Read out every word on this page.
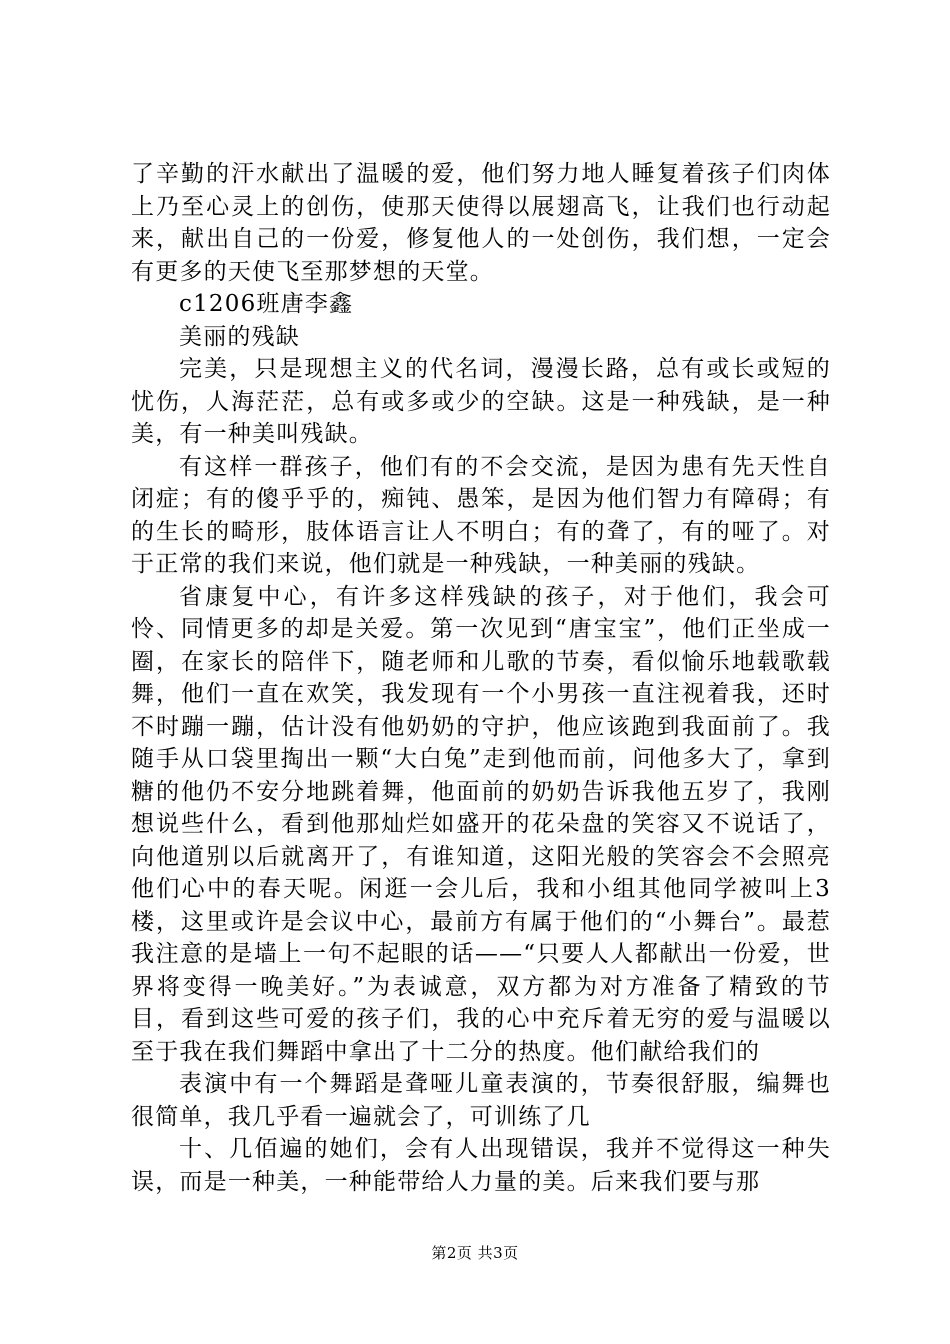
了辛勤的汗水献出了温暖的爱，他们努力地人睡复着孩子们肉体上乃至心灵上的创伤，使那天使得以展翅高飞，让我们也行动起来，献出自己的一份爱，修复他人的一处创伤，我们想，一定会有更多的天使飞至那梦想的天堂。

c1206班唐李鑫

美丽的残缺

完美，只是现想主义的代名词，漫漫长路，总有或长或短的忧伤，人海茫茫，总有或多或少的空缺。这是一种残缺，是一种美，有一种美叫残缺。

有这样一群孩子，他们有的不会交流，是因为患有先天性自闭症；有的傻乎乎的，痴钝、愚笨，是因为他们智力有障碍；有的生长的畸形，肢体语言让人不明白；有的聋了，有的哑了。对于正常的我们来说，他们就是一种残缺，一种美丽的残缺。

省康复中心，有许多这样残缺的孩子，对于他们，我会可怜、同情更多的却是关爱。第一次见到“唐宝宝”，他们正坐成一圈，在家长的陪伴下，随老师和儿歌的节奏，看似愉乐地载歌载舞，他们一直在欢笑，我发现有一个小男孩一直注视着我，还时不时蹦一蹦，估计没有他奶奶的守护，他应该跑到我面前了。我随手从口袋里掏出一颗“大白兔”走到他而前，问他多大了，拿到糖的他仍不安分地跳着舞，他面前的奶奶告诉我他五岁了，我刚想说些什么，看到他那灿烂如盛开的花朵盘的笑容又不说话了，向他道别以后就离开了，有谁知道，这阳光般的笑容会不会照亮他们心中的春天呢。闲逛一会儿后，我和小组其他同学被叫上3楼，这里或许是会议中心，最前方有属于他们的“小舞台”。最惹我注意的是墙上一句不起眼的话——“只要人人都献出一份爱，世界将变得一晚美好。”为表诚意，双方都为对方准备了精致的节目，看到这些可爱的孩子们，我的心中充斥着无穷的爱与温暖以至于我在我们舞蹈中拿出了十二分的热度。他们献给我们的

表演中有一个舞蹈是聋哑儿童表演的，节奏很舒服，编舞也很简单，我几乎看一遍就会了，可训练了几

十、几佰遍的她们，会有人出现错误，我并不觉得这一种失误，而是一种美，一种能带给人力量的美。后来我们要与那

第2页 共3页
